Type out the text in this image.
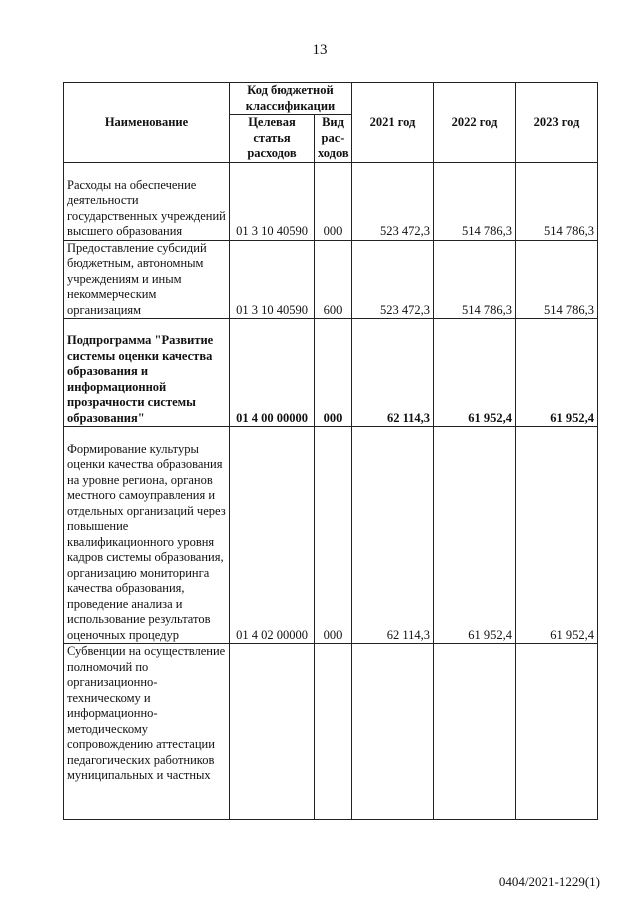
13
Наименование	Код бюджетной классификации		2021 год	2022 год	2023 год
	Целевая статья расходов	Вид рас-ходов			
Расходы на обеспечение деятельности государственных учреждений высшего образования	01 3 10 40590	000	523 472,3	514 786,3	514 786,3
Предоставление субсидий бюджетным, автономным учреждениям и иным некоммерческим организациям	01 3 10 40590	600	523 472,3	514 786,3	514 786,3
Подпрограмма "Развитие системы оценки качества образования и информационной прозрачности системы образования"	01 4 00 00000	000	62 114,3	61 952,4	61 952,4
Формирование культуры оценки качества образования на уровне региона, органов местного самоуправления и отдельных организаций через повышение квалификационного уровня кадров системы образования, организацию мониторинга качества образования, проведение анализа и использование результатов оценочных процедур	01 4 02 00000	000	62 114,3	61 952,4	61 952,4
Субвенции на осуществление полномочий по организационно-техническому и информационно-методическому сопровождению аттестации педагогических работников муниципальных и частных					
0404/2021-1229(1)
